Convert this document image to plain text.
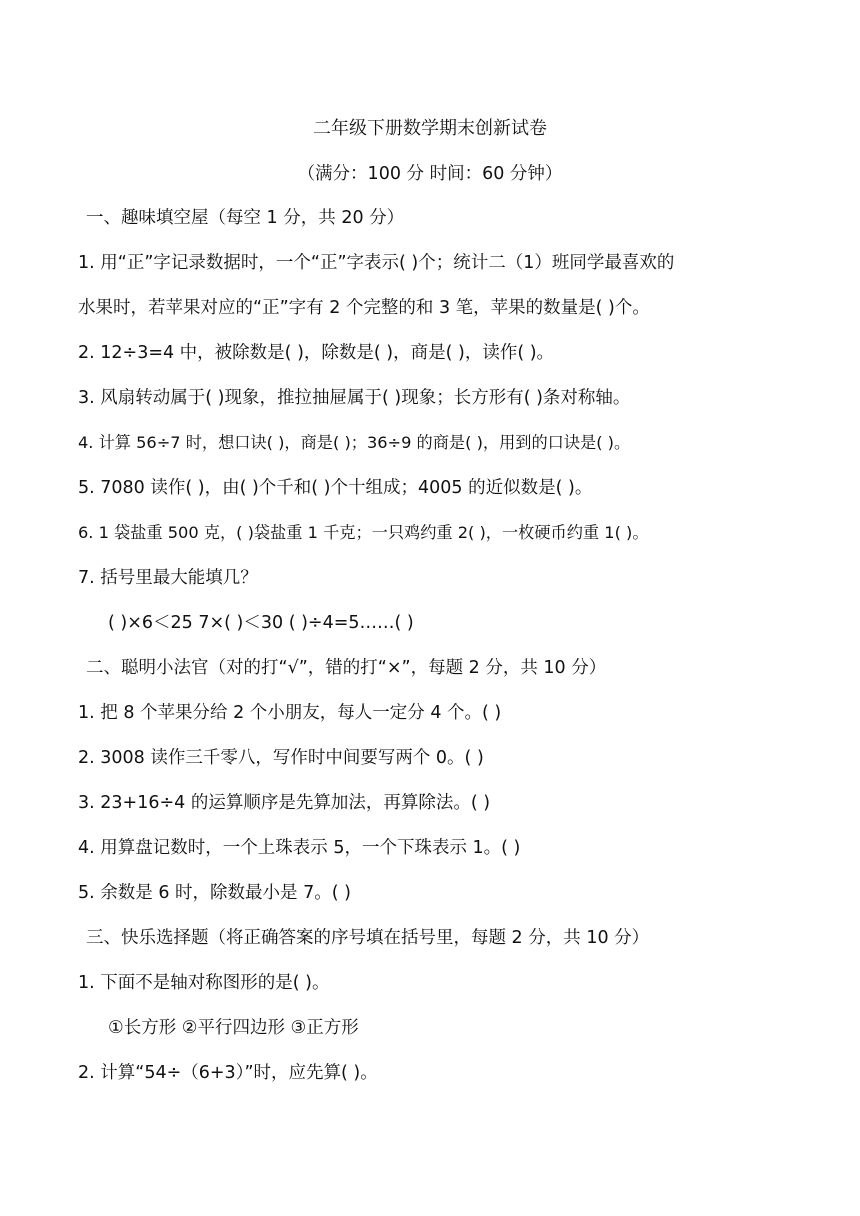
二年级下册数学期末创新试卷
（满分：100 分 时间：60 分钟）
一、趣味填空屋（每空 1 分，共 20 分）
1. 用“正”字记录数据时，一个“正”字表示( )个；统计二（1）班同学最喜欢的
水果时，若苹果对应的“正”字有 2 个完整的和 3 笔，苹果的数量是( )个。
2. 12÷3=4 中，被除数是( )，除数是( )，商是( )，读作( )。
3. 风扇转动属于( )现象，推拉抽屉属于( )现象；长方形有( )条对称轴。
4. 计算 56÷7 时，想口诀( )，商是( )；36÷9 的商是( )，用到的口诀是( )。
5. 7080 读作( )，由( )个千和( )个十组成；4005 的近似数是( )。
6. 1 袋盐重 500 克，( )袋盐重 1 千克；一只鸡约重 2( )，一枚硬币约重 1( )。
7. 括号里最大能填几？
( )×6＜25 7×( )＜30 ( )÷4=5……( )
二、聪明小法官（对的打“√”，错的打“×”，每题 2 分，共 10 分）
1. 把 8 个苹果分给 2 个小朋友，每人一定分 4 个。( )
2. 3008 读作三千零八，写作时中间要写两个 0。( )
3. 23+16÷4 的运算顺序是先算加法，再算除法。( )
4. 用算盘记数时，一个上珠表示 5，一个下珠表示 1。( )
5. 余数是 6 时，除数最小是 7。( )
三、快乐选择题（将正确答案的序号填在括号里，每题 2 分，共 10 分）
1. 下面不是轴对称图形的是( )。
①长方形 ②平行四边形 ③正方形
2. 计算“54÷（6+3）”时，应先算( )。
